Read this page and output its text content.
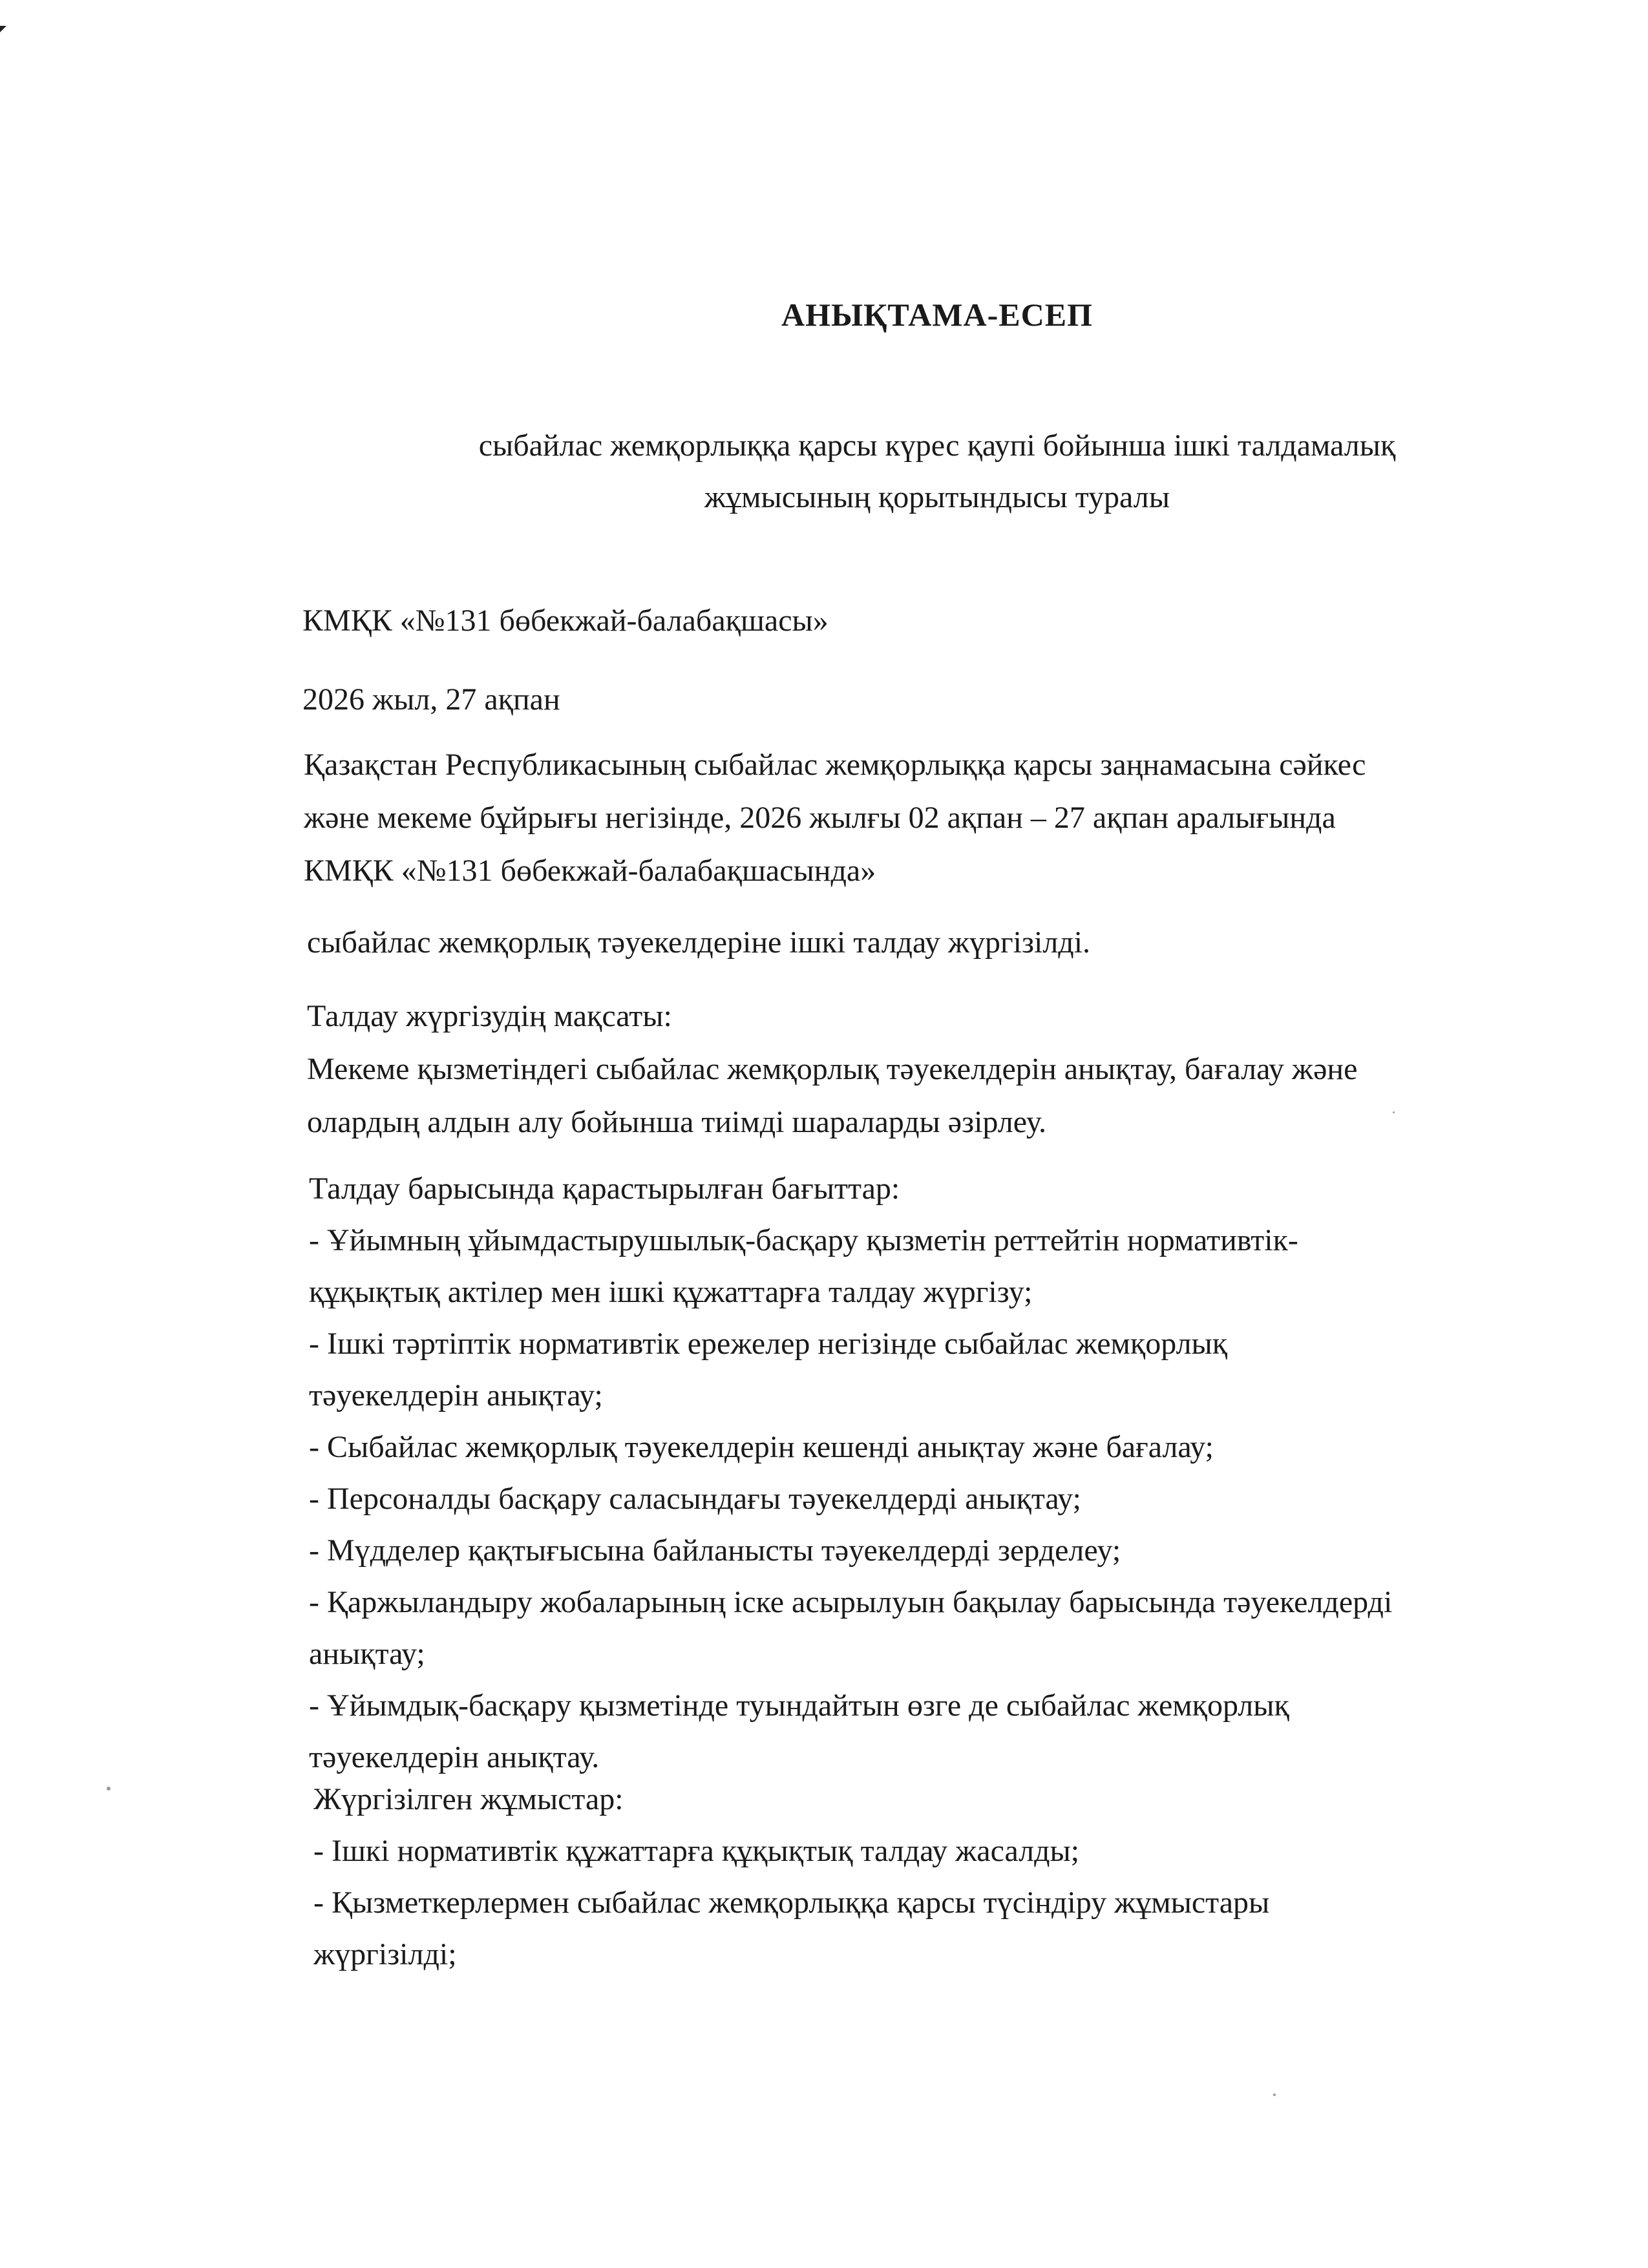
АНЫҚТАМА-ЕСЕП
сыбайлас жемқорлыққа қарсы күрес қаупі бойынша ішкі талдамалық
жұмысының қорытындысы туралы

КМҚК «№131 бөбекжай-балабақшасы»

2026 жыл, 27 ақпан

Қазақстан Республикасының сыбайлас жемқорлыққа қарсы заңнамасына сәйкес
және мекеме бұйрығы негізінде, 2026 жылғы 02 ақпан – 27 ақпан аралығында
КМҚК «№131 бөбекжай-балабақшасында»

сыбайлас жемқорлық тәуекелдеріне ішкі талдау жүргізілді.

Талдау жүргізудің мақсаты:
Мекеме қызметіндегі сыбайлас жемқорлық тәуекелдерін анықтау, бағалау және
олардың алдын алу бойынша тиімді шараларды әзірлеу.
Талдау барысында қарастырылған бағыттар:
- Ұйымның ұйымдастырушылық-басқару қызметін реттейтін нормативтік-
құқықтық актілер мен ішкі құжаттарға талдау жүргізу;
- Ішкі тәртіптік нормативтік ережелер негізінде сыбайлас жемқорлық
тәуекелдерін анықтау;
- Сыбайлас жемқорлық тәуекелдерін кешенді анықтау және бағалау;
- Персоналды басқару саласындағы тәуекелдерді анықтау;
- Мүдделер қақтығысына байланысты тәуекелдерді зерделеу;
- Қаржыландыру жобаларының іске асырылуын бақылау барысында тәуекелдерді
анықтау;
- Ұйымдық-басқару қызметінде туындайтын өзге де сыбайлас жемқорлық
тәуекелдерін анықтау.
Жүргізілген жұмыстар:
- Ішкі нормативтік құжаттарға құқықтық талдау жасалды;
- Қызметкерлермен сыбайлас жемқорлыққа қарсы түсіндіру жұмыстары
жүргізілді;
